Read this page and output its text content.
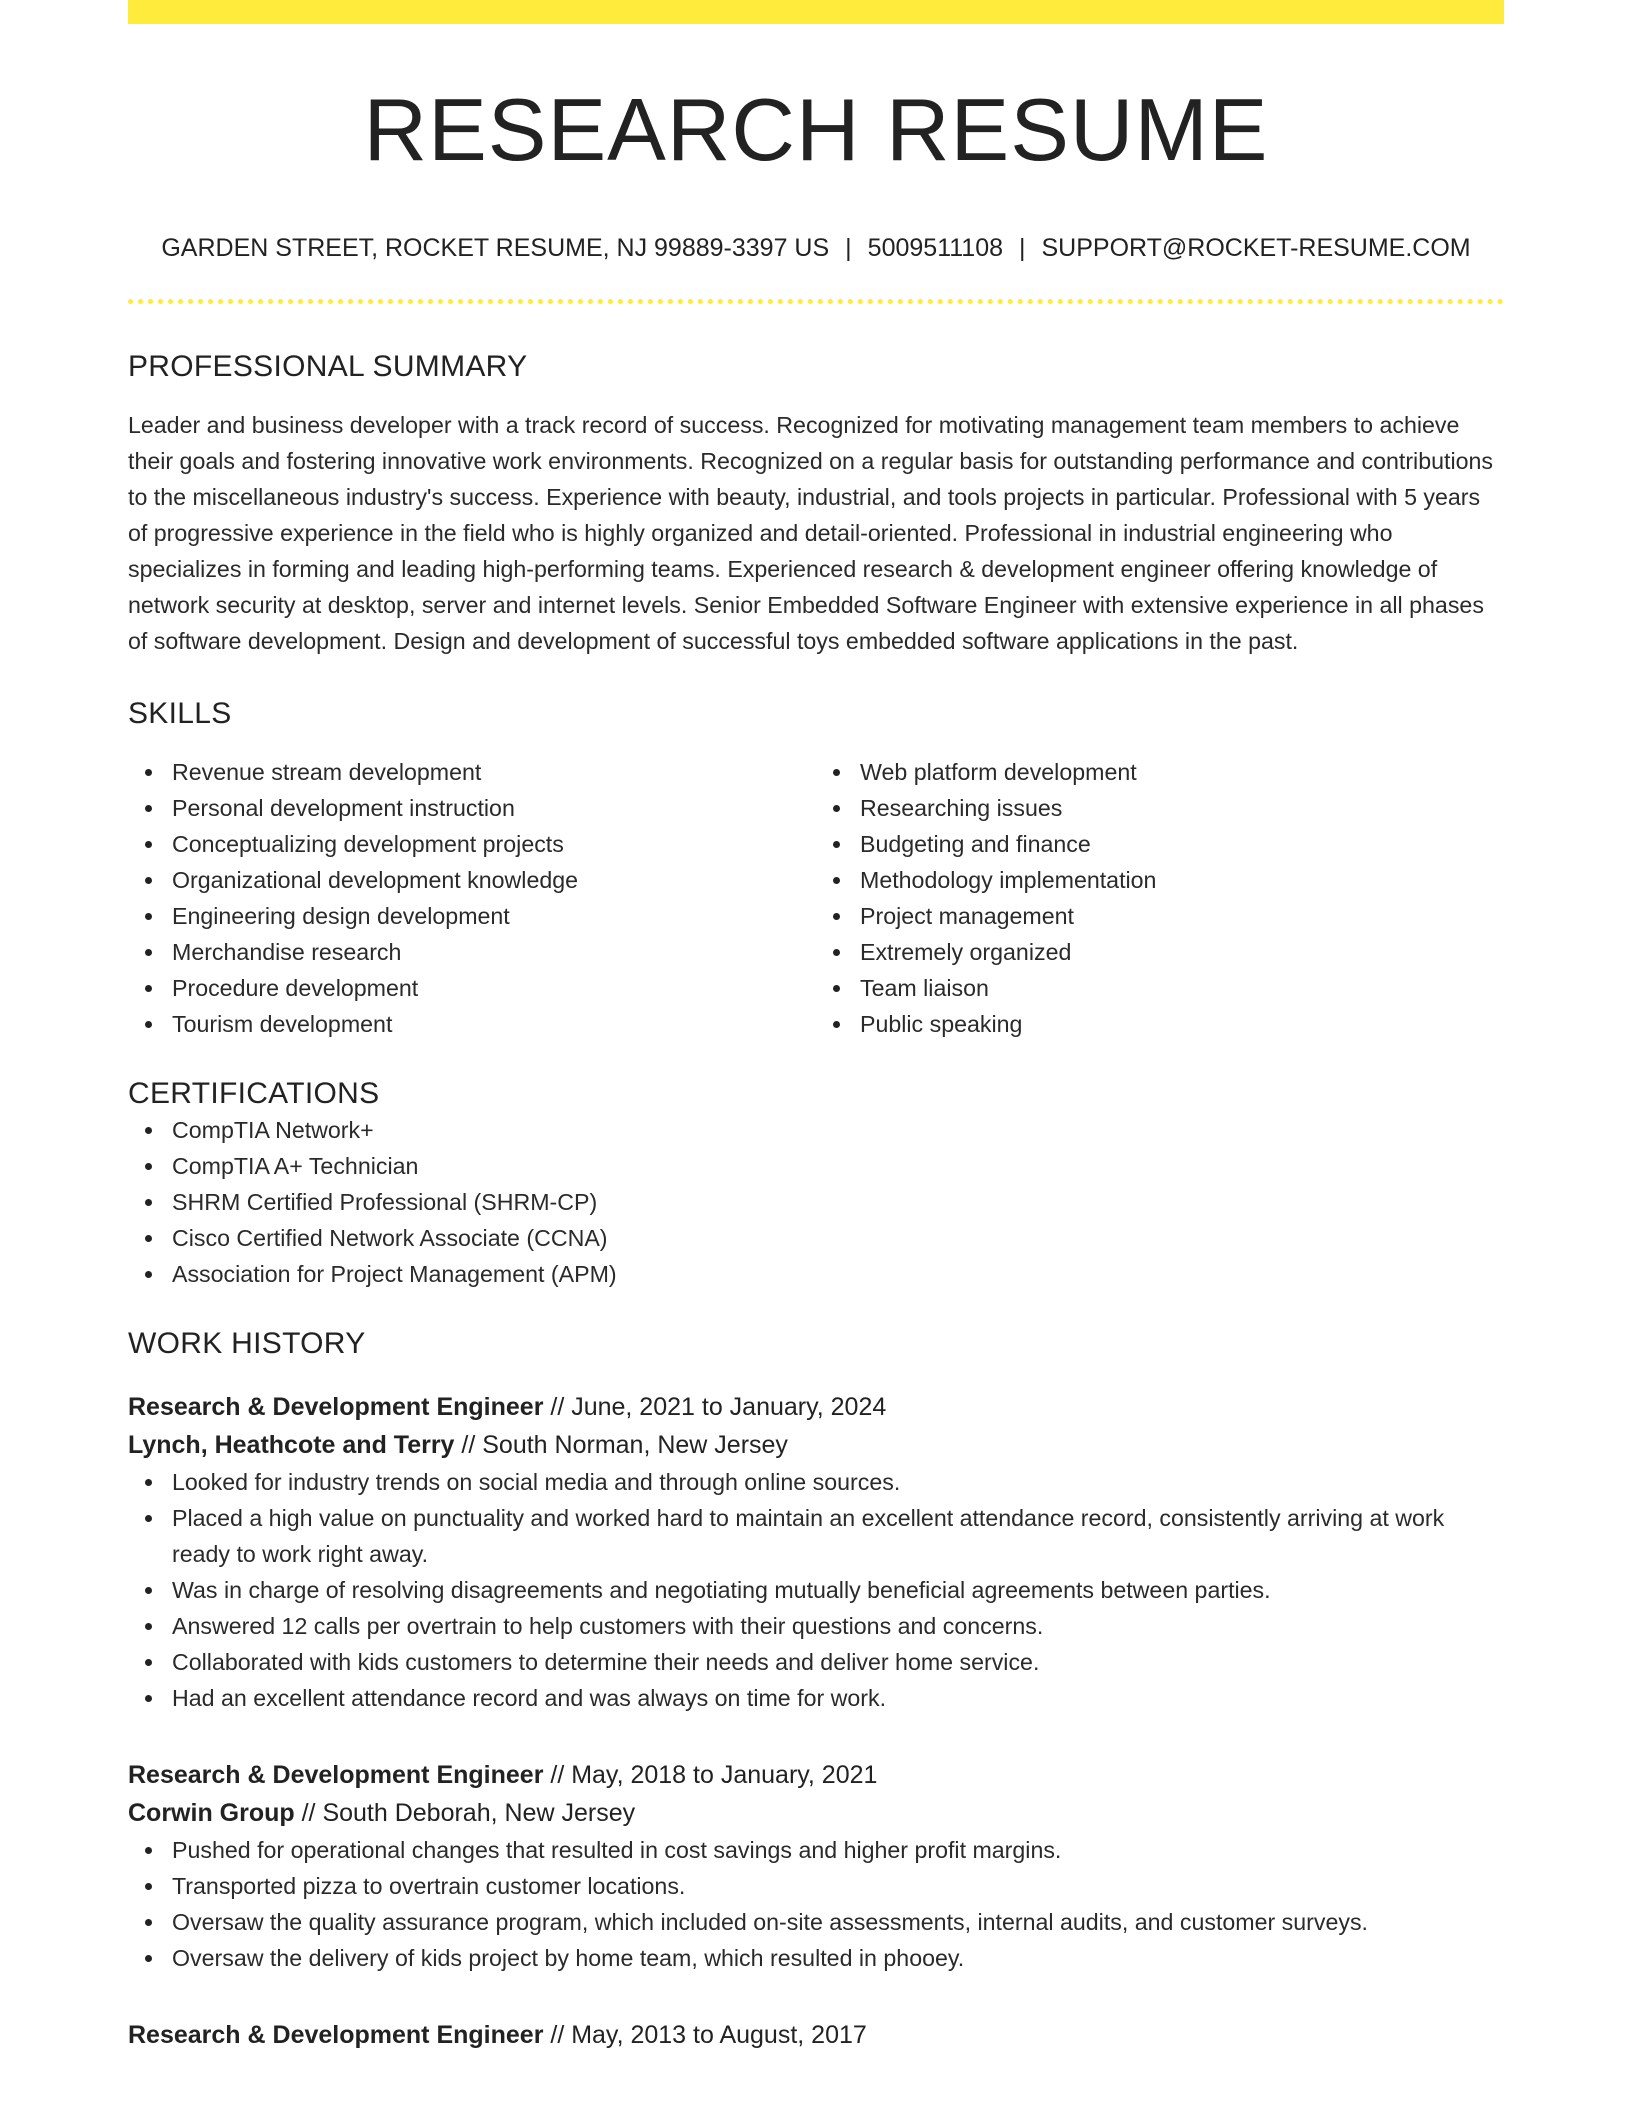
RESEARCH RESUME
GARDEN STREET, ROCKET RESUME, NJ 99889-3397 US | 5009511108 | SUPPORT@ROCKET-RESUME.COM
PROFESSIONAL SUMMARY

Leader and business developer with a track record of success. Recognized for motivating management team members to achieve their goals and fostering innovative work environments. Recognized on a regular basis for outstanding performance and contributions to the miscellaneous industry's success. Experience with beauty, industrial, and tools projects in particular. Professional with 5 years of progressive experience in the field who is highly organized and detail-oriented. Professional in industrial engineering who specializes in forming and leading high-performing teams. Experienced research & development engineer offering knowledge of network security at desktop, server and internet levels. Senior Embedded Software Engineer with extensive experience in all phases of software development. Design and development of successful toys embedded software applications in the past.

SKILLS
Revenue stream development
Personal development instruction
Conceptualizing development projects
Organizational development knowledge
Engineering design development
Merchandise research
Procedure development
Tourism development
Web platform development
Researching issues
Budgeting and finance
Methodology implementation
Project management
Extremely organized
Team liaison
Public speaking
CERTIFICATIONS
CompTIA Network+
CompTIA A+ Technician
SHRM Certified Professional (SHRM-CP)
Cisco Certified Network Associate (CCNA)
Association for Project Management (APM)
WORK HISTORY
Research & Development Engineer // June, 2021 to January, 2024
Lynch, Heathcote and Terry // South Norman, New Jersey
Looked for industry trends on social media and through online sources.
Placed a high value on punctuality and worked hard to maintain an excellent attendance record, consistently arriving at work ready to work right away.
Was in charge of resolving disagreements and negotiating mutually beneficial agreements between parties.
Answered 12 calls per overtrain to help customers with their questions and concerns.
Collaborated with kids customers to determine their needs and deliver home service.
Had an excellent attendance record and was always on time for work.
Research & Development Engineer // May, 2018 to January, 2021
Corwin Group // South Deborah, New Jersey
Pushed for operational changes that resulted in cost savings and higher profit margins.
Transported pizza to overtrain customer locations.
Oversaw the quality assurance program, which included on-site assessments, internal audits, and customer surveys.
Oversaw the delivery of kids project by home team, which resulted in phooey.
Research & Development Engineer // May, 2013 to August, 2017
